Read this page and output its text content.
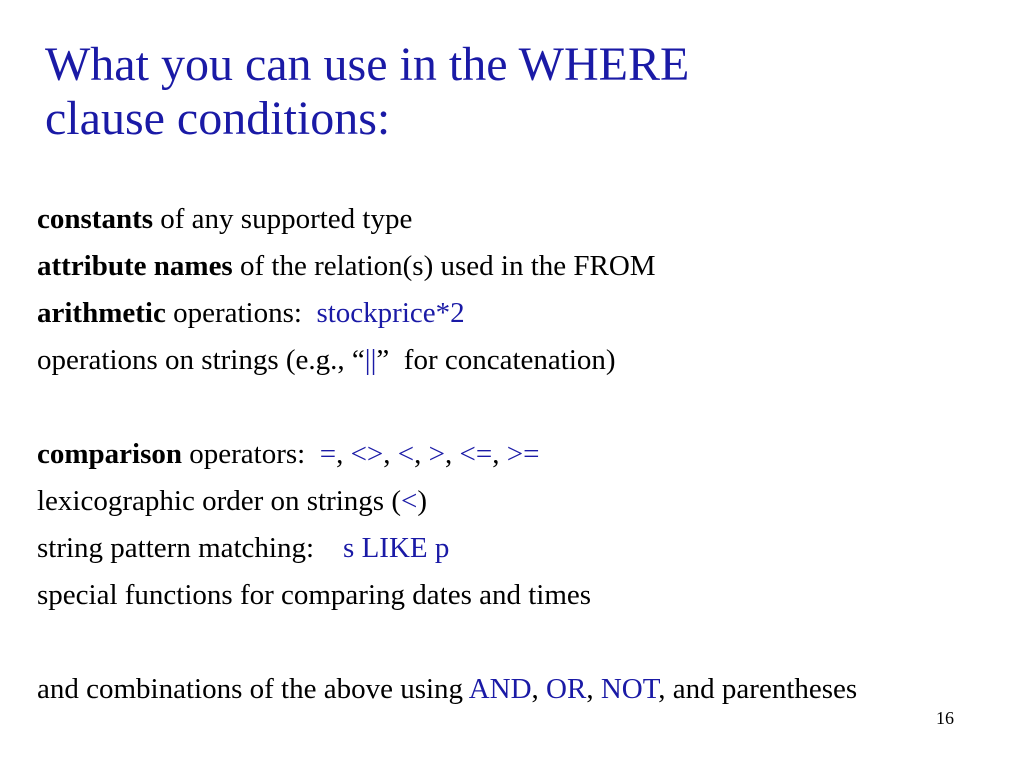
What you can use in the WHERE
clause conditions:
constants of any supported type
attribute names of the relation(s) used in the FROM
arithmetic operations:  stockprice*2
operations on strings (e.g., “||”  for concatenation)
comparison operators:  =, <>, <, >, <=, >=
lexicographic order on strings (<)
string pattern matching:    s LIKE p
special functions for comparing dates and times
and combinations of the above using AND, OR, NOT, and parentheses
16
